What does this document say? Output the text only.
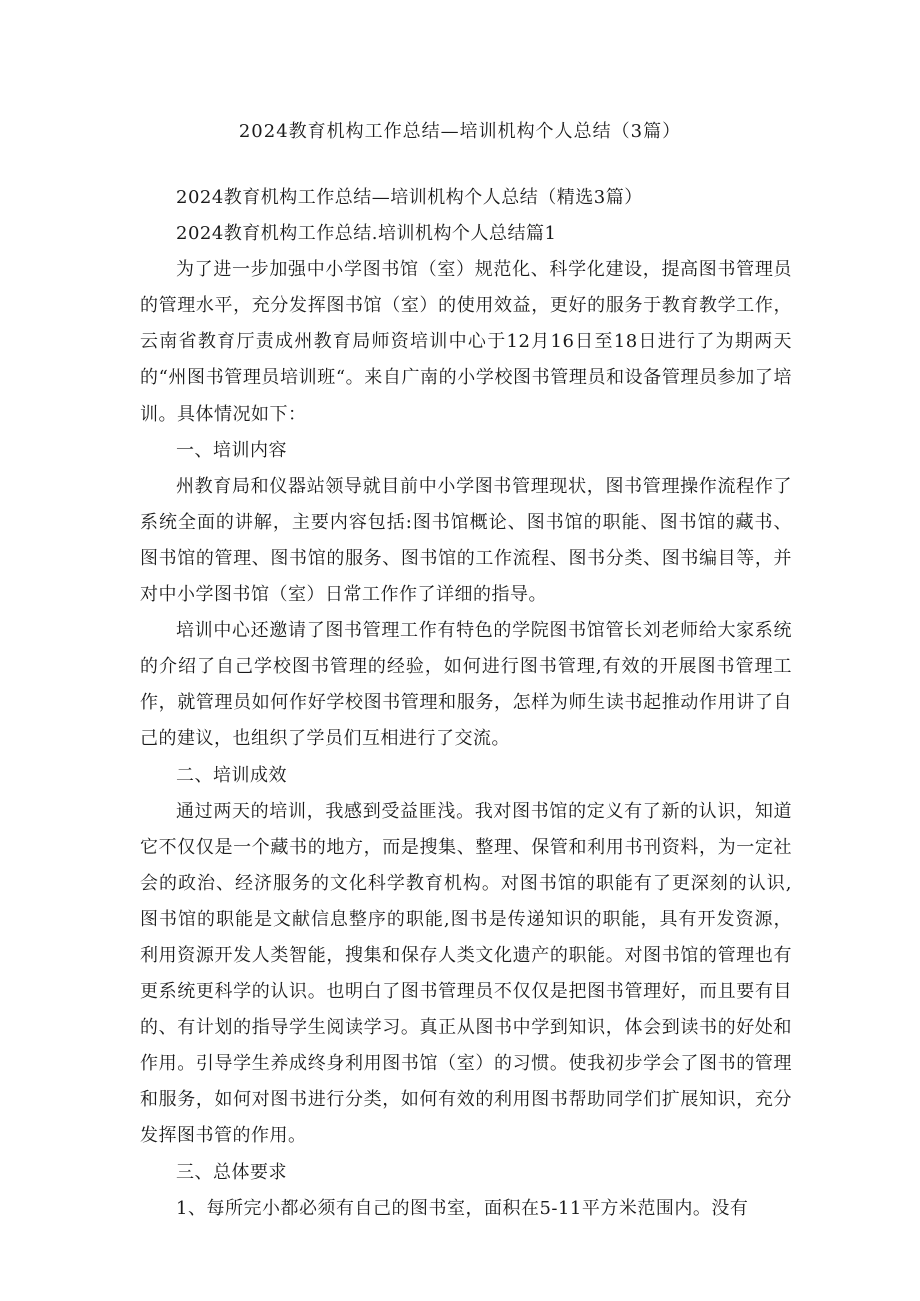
2024教育机构工作总结—培训机构个人总结（3篇）

2024教育机构工作总结—培训机构个人总结（精选3篇）

2024教育机构工作总结.培训机构个人总结篇1

为了进一步加强中小学图书馆（室）规范化、科学化建设，提高图书管理员的管理水平，充分发挥图书馆（室）的使用效益，更好的服务于教育教学工作，云南省教育厅责成州教育局师资培训中心于12月16日至18日进行了为期两天的“州图书管理员培训班“。来自广南的小学校图书管理员和设备管理员参加了培训。具体情况如下：

一、培训内容

州教育局和仪器站领导就目前中小学图书管理现状，图书管理操作流程作了系统全面的讲解，主要内容包括:图书馆概论、图书馆的职能、图书馆的藏书、图书馆的管理、图书馆的服务、图书馆的工作流程、图书分类、图书编目等，并对中小学图书馆（室）日常工作作了详细的指导。

培训中心还邀请了图书管理工作有特色的学院图书馆管长刘老师给大家系统的介绍了自己学校图书管理的经验，如何进行图书管理,有效的开展图书管理工作，就管理员如何作好学校图书管理和服务，怎样为师生读书起推动作用讲了自己的建议，也组织了学员们互相进行了交流。

二、培训成效

通过两天的培训，我感到受益匪浅。我对图书馆的定义有了新的认识，知道它不仅仅是一个藏书的地方，而是搜集、整理、保管和利用书刊资料，为一定社会的政治、经济服务的文化科学教育机构。对图书馆的职能有了更深刻的认识,图书馆的职能是文献信息整序的职能,图书是传递知识的职能，具有开发资源，利用资源开发人类智能，搜集和保存人类文化遗产的职能。对图书馆的管理也有更系统更科学的认识。也明白了图书管理员不仅仅是把图书管理好，而且要有目的、有计划的指导学生阅读学习。真正从图书中学到知识，体会到读书的好处和作用。引导学生养成终身利用图书馆（室）的习惯。使我初步学会了图书的管理和服务，如何对图书进行分类，如何有效的利用图书帮助同学们扩展知识，充分发挥图书管的作用。

三、总体要求

1、每所完小都必须有自己的图书室，面积在5-11平方米范围内。没有
